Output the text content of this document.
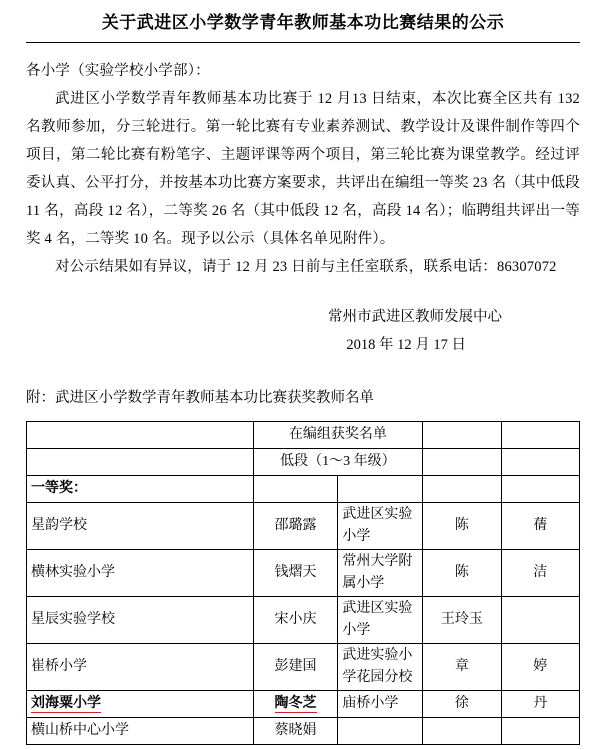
关于武进区小学数学青年教师基本功比赛结果的公示

各小学（实验学校小学部）：

武进区小学数学青年教师基本功比赛于 12 月13 日结束，本次比赛全区共有 132 名教师参加，分三轮进行。第一轮比赛有专业素养测试、教学设计及课件制作等四个项目，第二轮比赛有粉笔字、主题评课等两个项目，第三轮比赛为课堂教学。经过评委认真、公平打分，并按基本功比赛方案要求，共评出在编组一等奖 23 名（其中低段 11 名，高段 12 名），二等奖 26 名（其中低段 12 名，高段 14 名）；临聘组共评出一等奖 4 名，二等奖 10 名。现予以公示（具体名单见附件）。

对公示结果如有异议，请于 12 月 23 日前与主任室联系，联系电话：86307072

常州市武进区教师发展中心
2018 年 12 月 17 日
附：武进区小学数学青年教师基本功比赛获奖教师名单
	在编组获奖名单			
	低段（1～3 年级）			
一等奖：				
星韵学校	邵璐露	武进区实验小学	陈	蒨
横林实验小学	钱熠天	常州大学附属小学	陈	洁
星辰实验学校	宋小庆	武进区实验小学	王玲玉	
崔桥小学	彭建国	武进实验小学花园分校	章	婷
刘海粟小学	陶冬芝	庙桥小学	徐	丹
横山桥中心小学	蔡晓娟			
